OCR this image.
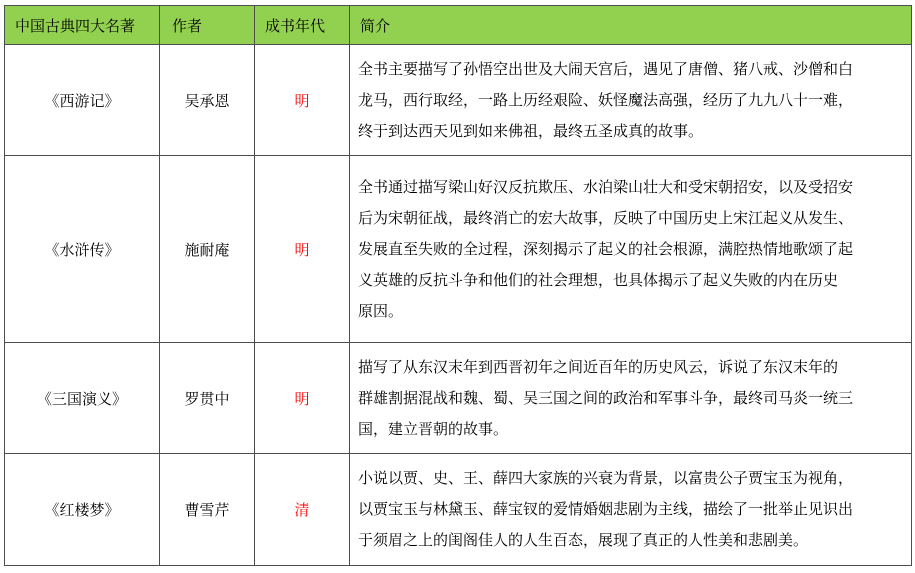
中国古典四大名著	作者	成书年代	简介
《西游记》	吴承恩	明	全书主要描写了孙悟空出世及大闹天宫后，遇见了唐僧、猪八戒、沙僧和白
龙马，西行取经，一路上历经艰险、妖怪魔法高强，经历了九九八十一难，
终于到达西天见到如来佛祖，最终五圣成真的故事。

《水浒传》	施耐庵	明	全书通过描写梁山好汉反抗欺压、水泊梁山壮大和受宋朝招安，以及受招安
后为宋朝征战，最终消亡的宏大故事，反映了中国历史上宋江起义从发生、
发展直至失败的全过程，深刻揭示了起义的社会根源，满腔热情地歌颂了起
义英雄的反抗斗争和他们的社会理想，也具体揭示了起义失败的内在历史
原因。

《三国演义》	罗贯中	明	描写了从东汉末年到西晋初年之间近百年的历史风云，诉说了东汉末年的
群雄割据混战和魏、蜀、吴三国之间的政治和军事斗争，最终司马炎一统三
国，建立晋朝的故事。

《红楼梦》	曹雪芹	清	小说以贾、史、王、薛四大家族的兴衰为背景，以富贵公子贾宝玉为视角，
以贾宝玉与林黛玉、薛宝钗的爱情婚姻悲剧为主线，描绘了一批举止见识出
于须眉之上的闺阁佳人的人生百态，展现了真正的人性美和悲剧美。
